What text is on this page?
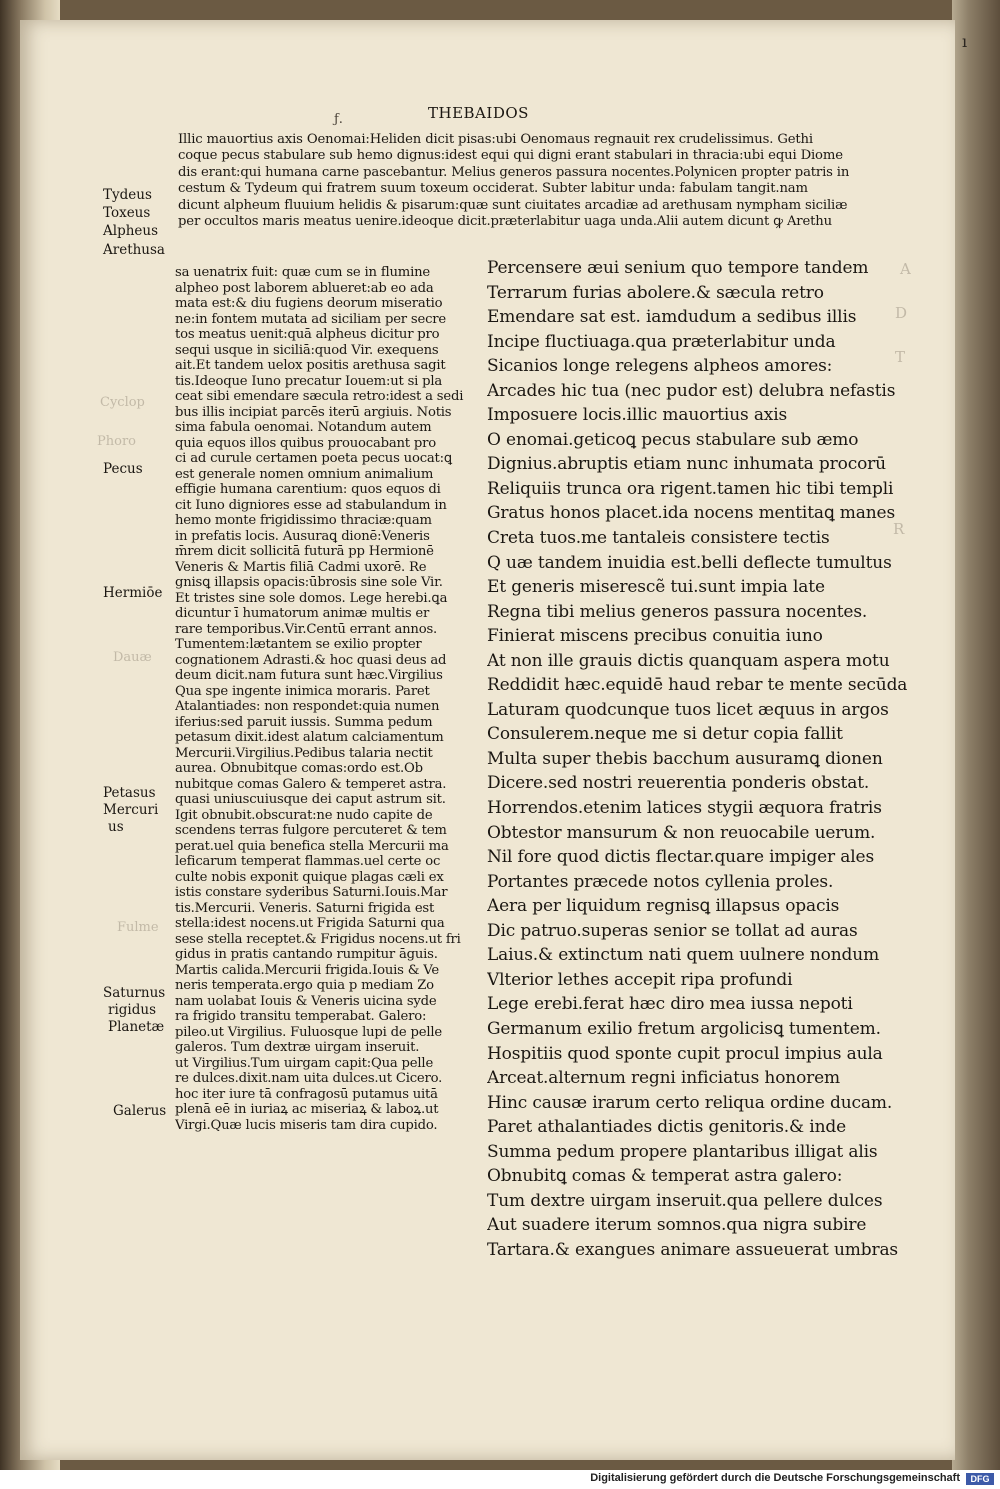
Cyclop
Phoro
Dauæ
Fulme
A
D
T
R
ı
ƒ.	THEBAIDOS
Illic mauortius axis Oenomai:Heliden dicit pisas:ubi Oenomaus regnauit rex crudelissimus. Gethi
coque pecus stabulare sub hemo dignus:idest equi qui digni erant stabulari in thracia:ubi equi Diome
dis erant:qui humana carne pascebantur. Melius generos passura nocentes.Polynicen propter patris in
cestum & Tydeum qui fratrem suum toxeum occiderat. Subter labitur unda: fabulam tangit.nam
dicunt alpheum fluuium helidis & pisarum:quæ sunt ciuitates arcadiæ ad arethusam nympham siciliæ
per occultos maris meatus uenire.ideoque dicit.præterlabitur uaga unda.Alii autem dicunt ꝙ Arethu
sa uenatrix fuit: quæ cum se in flumine
alpheo post laborem ablueret:ab eo ada
mata est:& diu fugiens deorum miseratio
ne:in fontem mutata ad siciliam per secre
tos meatus uenit:quā alpheus dicitur pro
sequi usque in siciliā:quod Vir. exequens
ait.Et tandem uelox positis arethusa sagit
tis.Ideoque Iuno precatur Iouem:ut si pla
ceat sibi emendare sæcula retro:idest a sedi
bus illis incipiat parcēs iterū argiuis. Notis
sima fabula oenomai. Notandum autem
quia equos illos quibus prouocabant pro
ci ad curule certamen poeta pecus uocat:ꝗ
est generale nomen omnium animalium
effigie humana carentium: quos equos di
cit Iuno digniores esse ad stabulandum in
hemo monte frigidissimo thraciæ:quam
in prefatis locis. Ausuraꝗ dionē:Veneris
m̄rem dicit sollicitā futurā pp Hermionē
Veneris & Martis filiā Cadmi uxorē. Re
gnisꝗ illapsis opacis:ūbrosis sine sole Vir.
Et tristes sine sole domos. Lege herebi.ꝗa
dicuntur ī humatorum animæ multis er
rare temporibus.Vir.Centū errant annos.
Tumentem:lætantem se exilio propter
cognationem Adrasti.& hoc quasi deus ad
deum dicit.nam futura sunt hæc.Virgilius
Qua spe ingente inimica moraris. Paret
Atalantiades: non respondet:quia numen
iferius:sed paruit iussis. Summa pedum
petasum dixit.idest alatum calciamentum
Mercurii.Virgilius.Pedibus talaria nectit
aurea. Obnubitque comas:ordo est.Ob
nubitque comas Galero & temperet astra.
quasi uniuscuiusque dei caput astrum sit.
Igit obnubit.obscurat:ne nudo capite de
scendens terras fulgore percuteret & tem
perat.uel quia benefica stella Mercurii ma
leficarum temperat flammas.uel certe oc
culte nobis exponit quique plagas cæli ex
istis constare syderibus Saturni.Iouis.Mar
tis.Mercurii. Veneris. Saturni frigida est
stella:idest nocens.ut Frigida Saturni qua
sese stella receptet.& Frigidus nocens.ut fri
gidus in pratis cantando rumpitur āguis.
Martis calida.Mercurii frigida.Iouis & Ve
neris temperata.ergo quia p mediam Zo
nam uolabat Iouis & Veneris uicina syde
ra frigido transitu temperabat. Galero:
pileo.ut Virgilius. Fuluosque lupi de pelle
galeros. Tum dextræ uirgam inseruit.
ut Virgilius.Tum uirgam capit:Qua pelle
re dulces.dixit.nam uita dulces.ut Cicero.
hoc iter iure tā confragosū putamus uitā
plenā eē in iuriaꝝ ac miseriaꝝ & laboꝝ.ut
Virgi.Quæ lucis miseris tam dira cupido.
Percensere æui senium quo tempore tandem
Terrarum furias abolere.& sæcula retro
Emendare sat est. iamdudum a sedibus illis
Incipe fluctiuaga.qua præterlabitur unda
Sicanios longe relegens alpheos amores:
Arcades hic tua (nec pudor est) delubra nefastis
Imposuere locis.illic mauortius axis
O enomai.geticoꝗ pecus stabulare sub æmo
Dignius.abruptis etiam nunc inhumata procorū
Reliquiis trunca ora rigent.tamen hic tibi templi
Gratus honos placet.ida nocens mentitaꝗ manes
Creta tuos.me tantaleis consistere tectis
Q uæ tandem inuidia est.belli deflecte tumultus
Et generis miserescẽ tui.sunt impia late
Regna tibi melius generos passura nocentes.
Finierat miscens precibus conuitia iuno
At non ille grauis dictis quanquam aspera motu
Reddidit hæc.equidē haud rebar te mente secūda
Laturam quodcunque tuos licet æquus in argos
Consulerem.neque me si detur copia fallit
Multa super thebis bacchum ausuramꝗ dionen
Dicere.sed nostri reuerentia ponderis obstat.
Horrendos.etenim latices stygii æquora fratris
Obtestor mansurum & non reuocabile uerum.
Nil fore quod dictis flectar.quare impiger ales
Portantes præcede notos cyllenia proles.
Aera per liquidum regnisꝗ illapsus opacis
Dic patruo.superas senior se tollat ad auras
Laius.& extinctum nati quem uulnere nondum
Vlterior lethes accepit ripa profundi
Lege erebi.ferat hæc diro mea iussa nepoti
Germanum exilio fretum argolicisꝗ tumentem.
Hospitiis quod sponte cupit procul impius aula
Arceat.alternum regni inficiatus honorem
Hinc causæ irarum certo reliqua ordine ducam.
Paret athalantiades dictis genitoris.& inde
Summa pedum propere plantaribus illigat alis
Obnubitꝗ comas & temperat astra galero:
Tum dextre uirgam inseruit.qua pellere dulces
Aut suadere iterum somnos.qua nigra subire
Tartara.& exangues animare assueuerat umbras
Tydeus
Toxeus
Alpheus
Arethusa
Pecus
Hermiōe
Petasus
Mercuri
us
Saturnus
rigidus
Planetæ
Galerus
Digitalisierung gefördert durch die Deutsche Forschungsgemeinschaft	DFG
